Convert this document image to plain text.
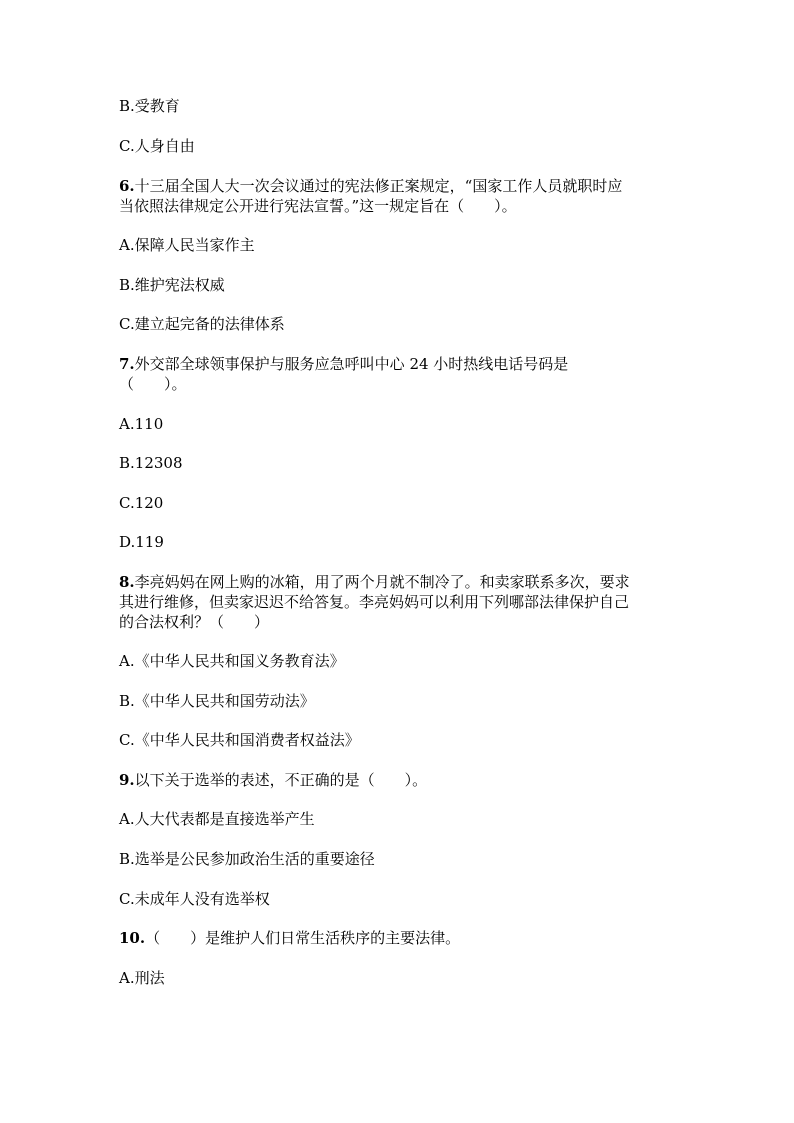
B.受教育
C.人身自由
6.十三届全国人大一次会议通过的宪法修正案规定，“国家工作人员就职时应
当依照法律规定公开进行宪法宣誓。”这一规定旨在（　　）。
A.保障人民当家作主
B.维护宪法权威
C.建立起完备的法律体系
7.外交部全球领事保护与服务应急呼叫中心 24 小时热线电话号码是
（　　）。
A.110
B.12308
C.120
D.119
8.李亮妈妈在网上购的冰箱，用了两个月就不制冷了。和卖家联系多次，要求
其进行维修，但卖家迟迟不给答复。李亮妈妈可以利用下列哪部法律保护自己
的合法权利？（　　）
A.《中华人民共和国义务教育法》
B.《中华人民共和国劳动法》
C.《中华人民共和国消费者权益法》
9.以下关于选举的表述，不正确的是（　　）。
A.人大代表都是直接选举产生
B.选举是公民参加政治生活的重要途径
C.未成年人没有选举权
10.（　　）是维护人们日常生活秩序的主要法律。
A.刑法
